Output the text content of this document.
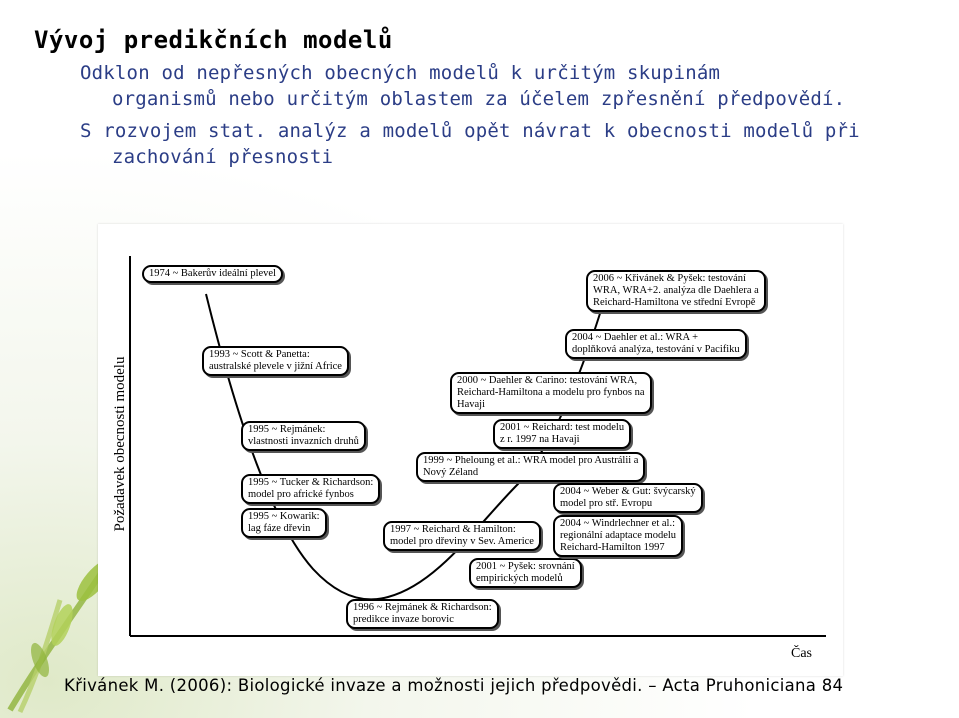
Vývoj predikčních modelů
Odklon od nepřesných obecných modelů k určitým skupinám
organismů nebo určitým oblastem za účelem zpřesnění předpovědí.
S rozvojem stat. analýz a modelů opět návrat k obecnosti modelů při
zachování přesnosti
Požadavek obecnosti modelu
Čas
1974 ~ Bakerův ideální plevel
1993 ~ Scott & Panetta:
australské plevele v jižní Africe
1995 ~ Rejmánek:
vlastnosti invazních druhů
1995 ~ Tucker & Richardson:
model pro africké fynbos
1995 ~ Kowarik:
lag fáze dřevin
1996 ~ Rejmánek & Richardson:
predikce invaze borovic
1997 ~ Reichard & Hamilton:
model pro dřeviny v Sev. Americe
2001 ~ Pyšek: srovnání
empirických modelů
1999 ~ Pheloung et al.: WRA model pro Austrálii a
Nový Zéland
2001 ~ Reichard: test modelu
z r. 1997 na Havaji
2000 ~ Daehler & Carino: testování WRA,
Reichard-Hamiltona a modelu pro fynbos na
Havaji
2004 ~ Daehler et al.: WRA +
doplňková analýza, testování v Pacifiku
2006 ~ Křivánek & Pyšek: testování
WRA, WRA+2. analýza dle Daehlera a
Reichard-Hamiltona ve střední Evropě
2004 ~ Weber & Gut: švýcarský
model pro stř. Evropu
2004 ~ Windrlechner et al.:
regionální adaptace modelu
Reichard-Hamilton 1997
Křivánek M. (2006): Biologické invaze a možnosti jejich předpovědi. – Acta Pruhoniciana 84
